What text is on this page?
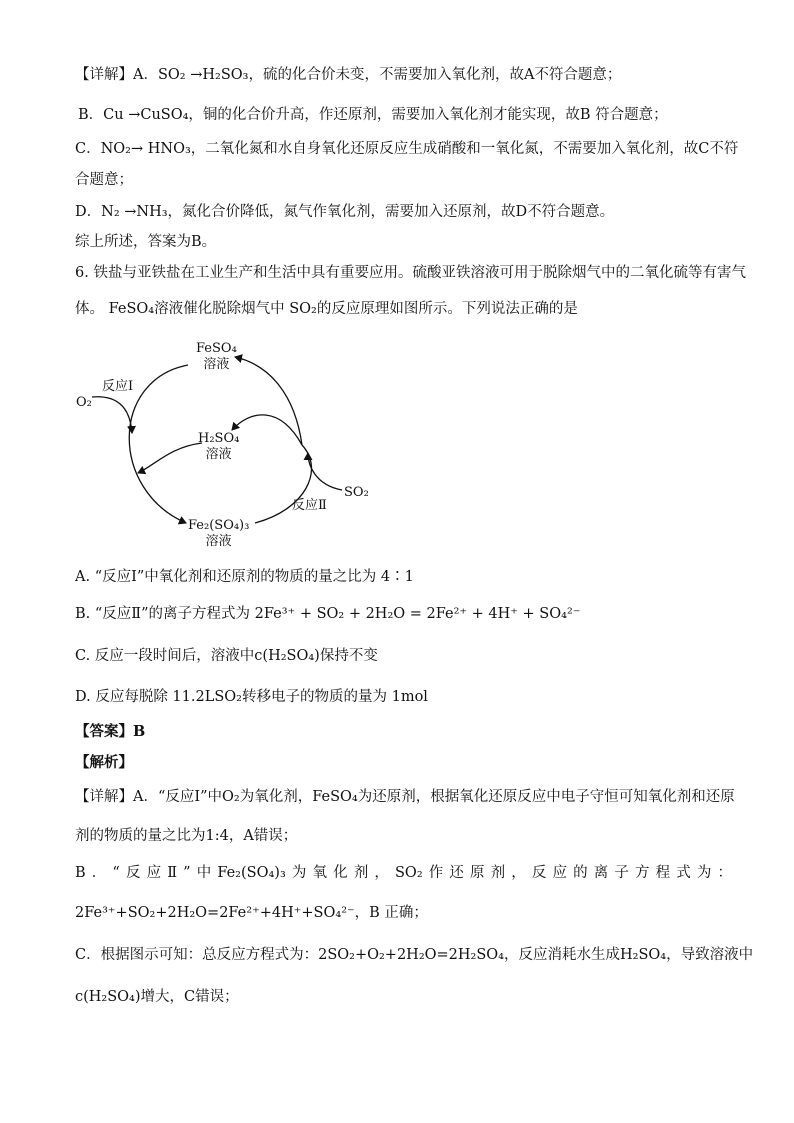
【详解】A．SO₂ →H₂SO₃，硫的化合价未变，不需要加入氧化剂，故A不符合题意；
B．Cu →CuSO₄，铜的化合价升高，作还原剂，需要加入氧化剂才能实现，故B 符合题意；
C．NO₂→ HNO₃，二氧化氮和水自身氧化还原反应生成硝酸和一氧化氮，不需要加入氧化剂，故C不符
合题意；
D．N₂ →NH₃，氮化合价降低，氮气作氧化剂，需要加入还原剂，故D不符合题意。
综上所述，答案为B。
6. 铁盐与亚铁盐在工业生产和生活中具有重要应用。硫酸亚铁溶液可用于脱除烟气中的二氧化硫等有害气
体。 FeSO₄溶液催化脱除烟气中 SO₂的反应原理如图所示。下列说法正确的是
FeSO₄
溶液
H₂SO₄
溶液
Fe₂(SO₄)₃
溶液
O₂
SO₂
反应Ⅰ
反应Ⅱ
A. “反应Ⅰ”中氧化剂和还原剂的物质的量之比为 4∶1
B. “反应Ⅱ”的离子方程式为 2Fe³⁺ + SO₂ + 2H₂O = 2Fe²⁺ + 4H⁺ + SO₄²⁻
C. 反应一段时间后，溶液中c(H₂SO₄)保持不变
D. 反应每脱除 11.2LSO₂转移电子的物质的量为 1mol
【答案】B
【解析】
【详解】A．“反应Ⅰ”中O₂为氧化剂，FeSO₄为还原剂，根据氧化还原反应中电子守恒可知氧化剂和还原
剂的物质的量之比为1:4，A错误；
B．“反应Ⅱ”中Fe₂(SO₄)₃为氧化剂，SO₂作还原剂，反应的离子方程式为：
2Fe³⁺+SO₂+2H₂O=2Fe²⁺+4H⁺+SO₄²⁻，B 正确；
C．根据图示可知：总反应方程式为：2SO₂+O₂+2H₂O=2H₂SO₄，反应消耗水生成H₂SO₄，导致溶液中
c(H₂SO₄)增大，C错误；
